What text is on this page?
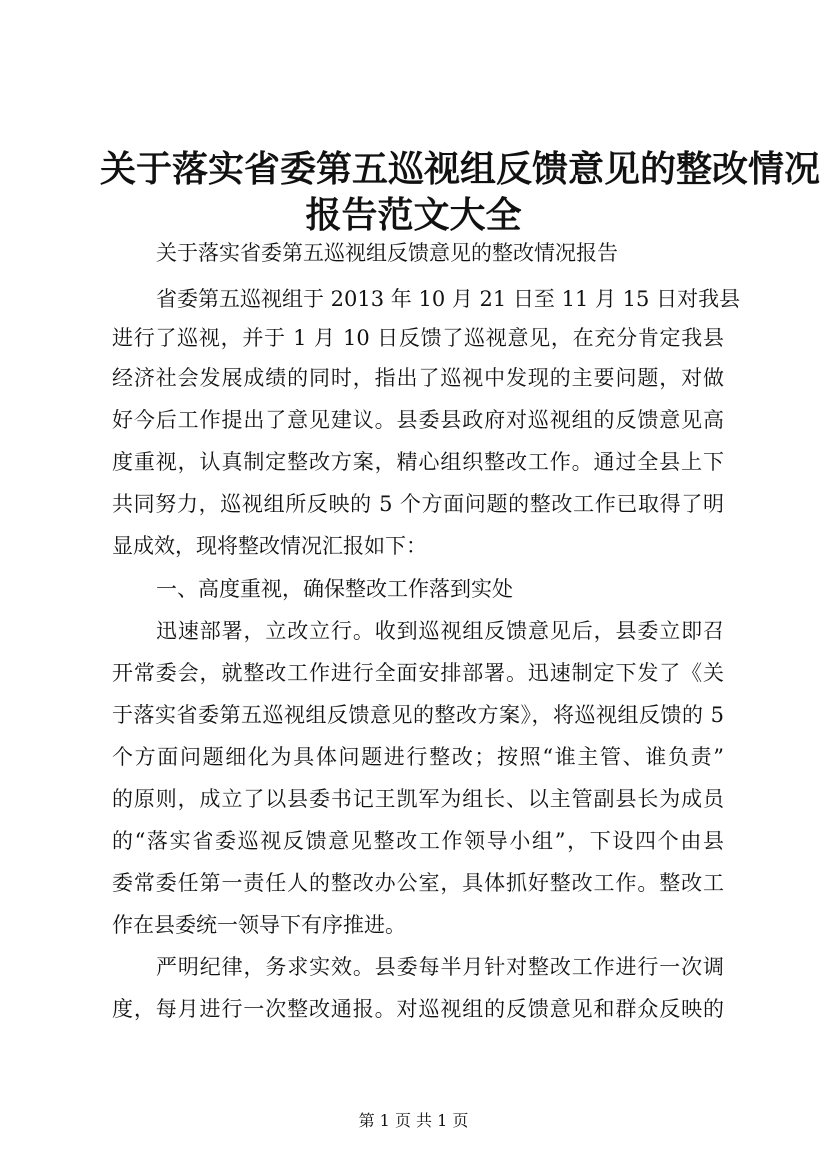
关于落实省委第五巡视组反馈意见的整改情况
报告范文大全
关于落实省委第五巡视组反馈意见的整改情况报告
省委第五巡视组于 2013 年 10 月 21 日至 11 月 15 日对我县
进行了巡视，并于 1 月 10 日反馈了巡视意见，在充分肯定我县
经济社会发展成绩的同时，指出了巡视中发现的主要问题，对做
好今后工作提出了意见建议。县委县政府对巡视组的反馈意见高
度重视，认真制定整改方案，精心组织整改工作。通过全县上下
共同努力，巡视组所反映的 5 个方面问题的整改工作已取得了明
显成效，现将整改情况汇报如下：
一、高度重视，确保整改工作落到实处
迅速部署，立改立行。收到巡视组反馈意见后，县委立即召
开常委会，就整改工作进行全面安排部署。迅速制定下发了《关
于落实省委第五巡视组反馈意见的整改方案》，将巡视组反馈的 5
个方面问题细化为具体问题进行整改；按照“谁主管、谁负责”
的原则，成立了以县委书记王凯军为组长、以主管副县长为成员
的“落实省委巡视反馈意见整改工作领导小组”，下设四个由县
委常委任第一责任人的整改办公室，具体抓好整改工作。整改工
作在县委统一领导下有序推进。
严明纪律，务求实效。县委每半月针对整改工作进行一次调
度，每月进行一次整改通报。对巡视组的反馈意见和群众反映的
第 1 页 共 1 页
